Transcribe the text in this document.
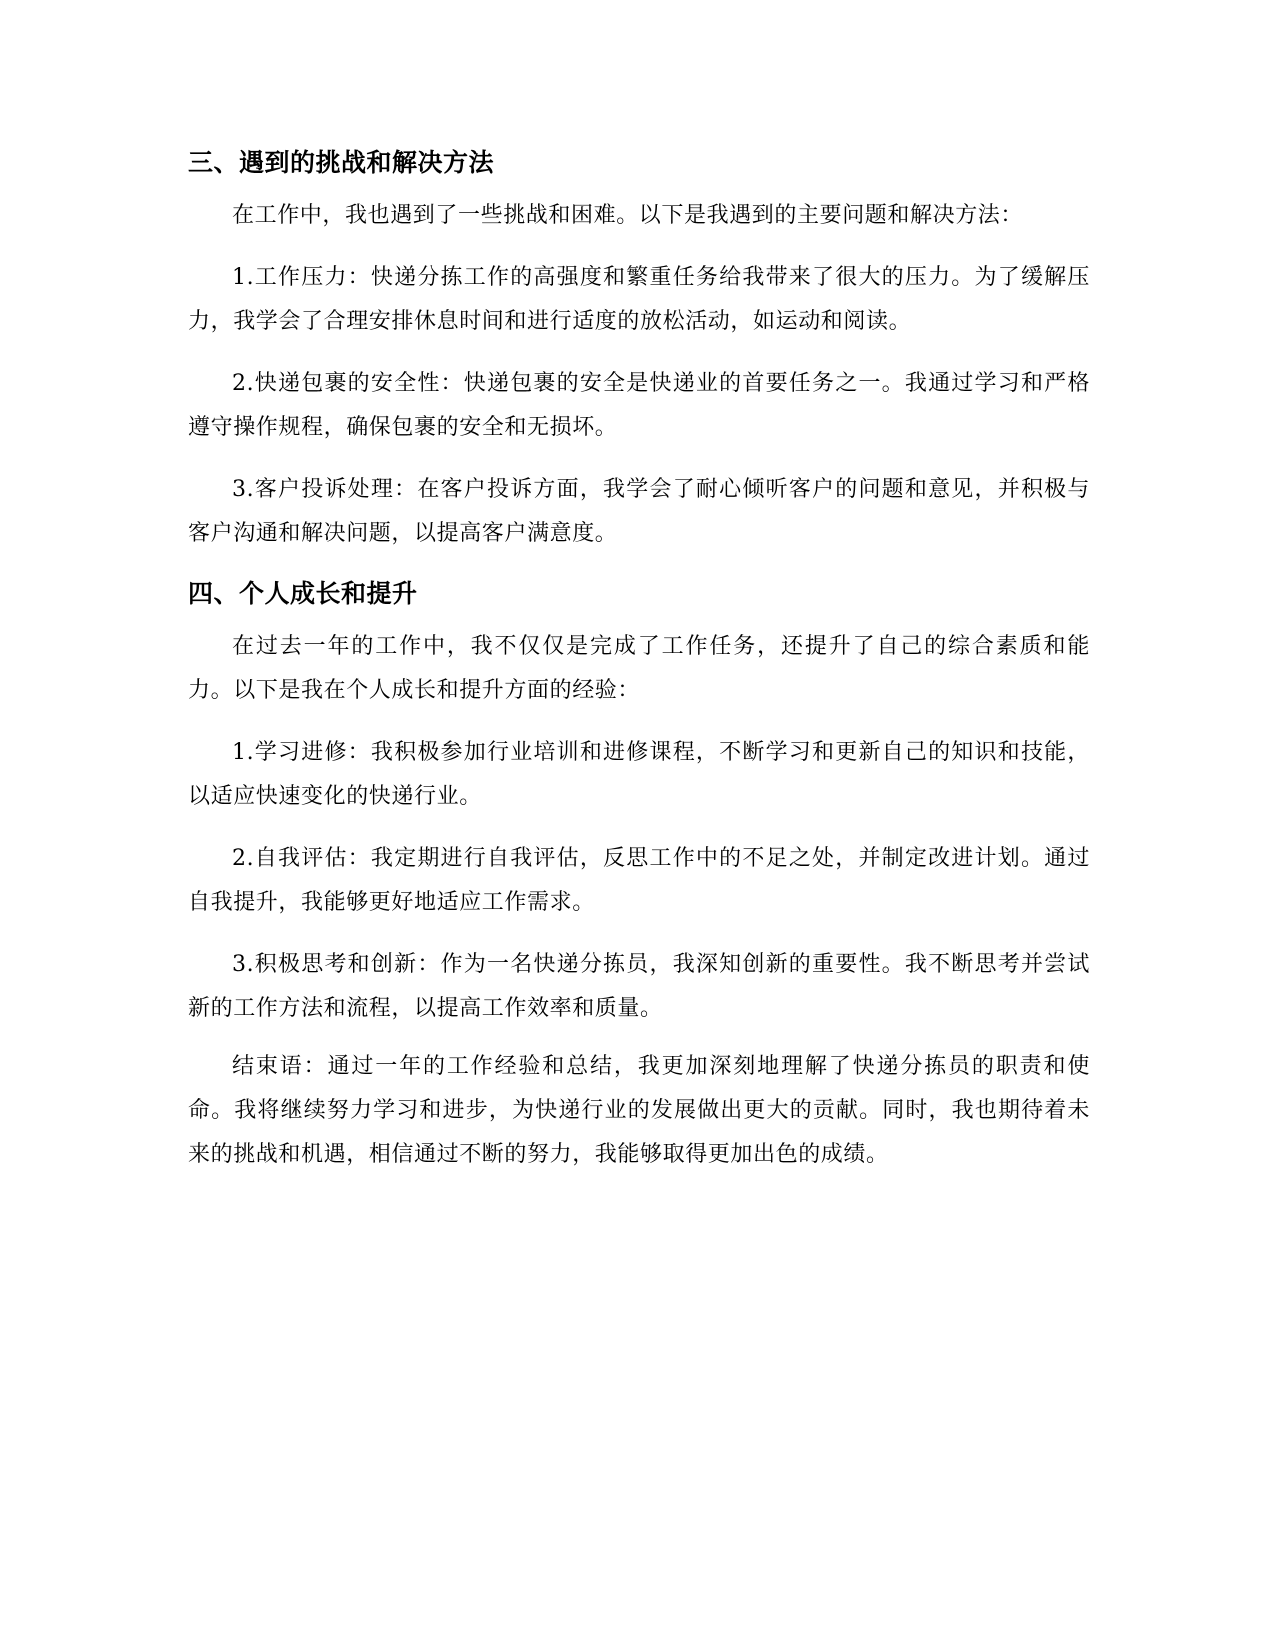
三、遇到的挑战和解决方法

在工作中，我也遇到了一些挑战和困难。以下是我遇到的主要问题和解决方法：

1.工作压力：快递分拣工作的高强度和繁重任务给我带来了很大的压力。为了缓解压力，我学会了合理安排休息时间和进行适度的放松活动，如运动和阅读。

2.快递包裹的安全性：快递包裹的安全是快递业的首要任务之一。我通过学习和严格遵守操作规程，确保包裹的安全和无损坏。

3.客户投诉处理：在客户投诉方面，我学会了耐心倾听客户的问题和意见，并积极与客户沟通和解决问题，以提高客户满意度。

四、个人成长和提升

在过去一年的工作中，我不仅仅是完成了工作任务，还提升了自己的综合素质和能力。以下是我在个人成长和提升方面的经验：

1.学习进修：我积极参加行业培训和进修课程，不断学习和更新自己的知识和技能，以适应快速变化的快递行业。

2.自我评估：我定期进行自我评估，反思工作中的不足之处，并制定改进计划。通过自我提升，我能够更好地适应工作需求。

3.积极思考和创新：作为一名快递分拣员，我深知创新的重要性。我不断思考并尝试新的工作方法和流程，以提高工作效率和质量。

结束语：通过一年的工作经验和总结，我更加深刻地理解了快递分拣员的职责和使命。我将继续努力学习和进步，为快递行业的发展做出更大的贡献。同时，我也期待着未来的挑战和机遇，相信通过不断的努力，我能够取得更加出色的成绩。
